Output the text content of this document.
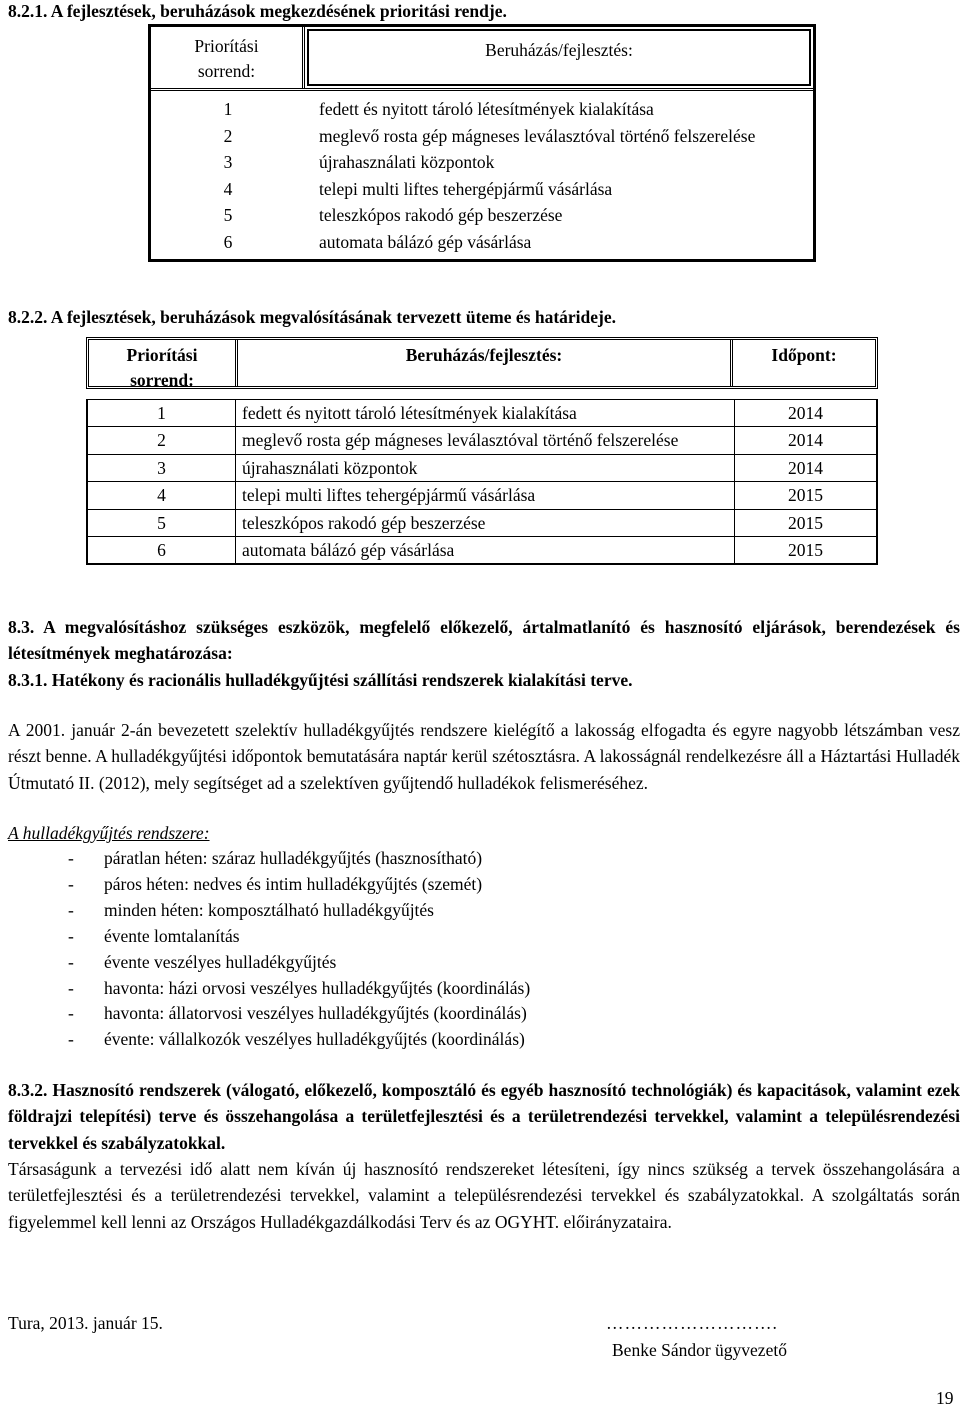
8.2.1. A fejlesztések, beruházások megkezdésének prioritási rendje.
Priorítási
sorrend:
Beruházás/fejlesztés:
1	fedett és nyitott tároló létesítmények kialakítása
2	meglevő rosta gép mágneses leválasztóval történő felszerelése
3	újrahasználati központok
4	telepi multi liftes tehergépjármű vásárlása
5	teleszkópos rakodó gép beszerzése
6	automata bálázó gép vásárlása
8.2.2. A fejlesztések, beruházások megvalósításának tervezett üteme és határideje.
Priorítási
sorrend:
Beruházás/fejlesztés:	Időpont:
1	fedett és nyitott tároló létesítmények kialakítása	2014
2	meglevő rosta gép mágneses leválasztóval történő felszerelése	2014
3	újrahasználati központok	2014
4	telepi multi liftes tehergépjármű vásárlása	2015
5	teleszkópos rakodó gép beszerzése	2015
6	automata bálázó gép vásárlása	2015
8.3. A megvalósításhoz szükséges eszközök, megfelelő előkezelő, ártalmatlanító és hasznosító eljárások, berendezések és létesítmények meghatározása:
8.3.1. Hatékony és racionális hulladékgyűjtési szállítási rendszerek kialakítási terve.
A 2001. január 2-án bevezetett szelektív hulladékgyűjtés rendszere kielégítő a lakosság elfogadta és egyre nagyobb létszámban vesz részt benne. A hulladékgyűjtési időpontok bemutatására naptár kerül szétosztásra. A lakosságnál rendelkezésre áll a Háztartási Hulladék Útmutató II. (2012), mely segítséget ad a szelektíven gyűjtendő hulladékok felismeréséhez.
A hulladékgyűjtés rendszere:
- páratlan héten: száraz hulladékgyűjtés (hasznosítható)
- páros héten: nedves és intim hulladékgyűjtés (szemét)
- minden héten: komposztálható hulladékgyűjtés
- évente lomtalanítás
- évente veszélyes hulladékgyűjtés
- havonta: házi orvosi veszélyes hulladékgyűjtés (koordinálás)
- havonta: állatorvosi veszélyes hulladékgyűjtés (koordinálás)
- évente: vállalkozók veszélyes hulladékgyűjtés (koordinálás)
8.3.2. Hasznosító rendszerek (válogató, előkezelő, komposztáló és egyéb hasznosító technológiák) és kapacitások, valamint ezek földrajzi telepítési) terve és összehangolása a területfejlesztési és a területrendezési tervekkel, valamint a településrendezési tervekkel és szabályzatokkal.
Társaságunk a tervezési idő alatt nem kíván új hasznosító rendszereket létesíteni, így nincs szükség a tervek összehangolására a területfejlesztési és a területrendezési tervekkel, valamint a településrendezési tervekkel és szabályzatokkal. A szolgáltatás során figyelemmel kell lenni az Országos Hulladékgazdálkodási Terv és az OGYHT. előirányzataira.
Tura, 2013. január 15.	……………………….
Benke Sándor ügyvezető
19
